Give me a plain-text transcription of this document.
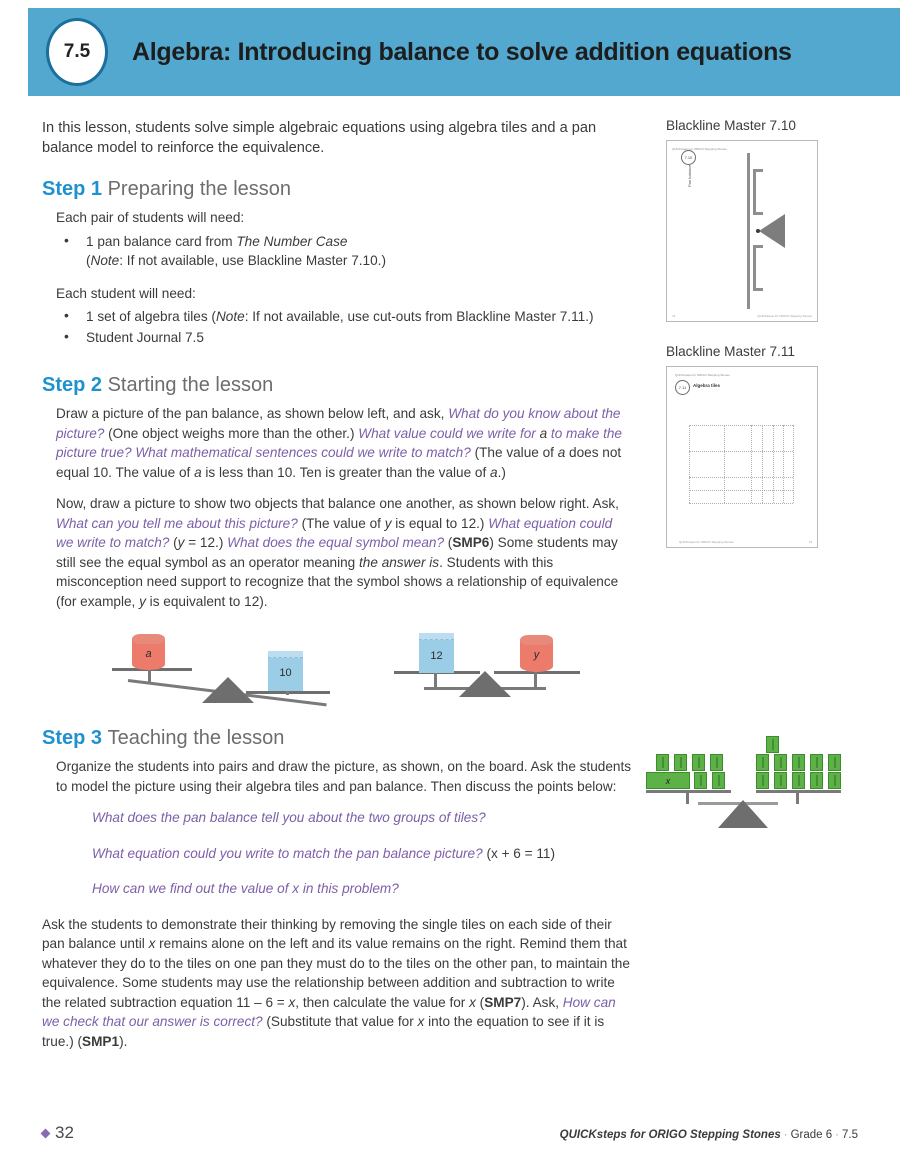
7.5 Algebra: Introducing balance to solve addition equations

In this lesson, students solve simple algebraic equations using algebra tiles and a pan balance model to reinforce the equivalence.

Step 1 Preparing the lesson

Each pair of students will need:

• 1 pan balance card from The Number Case
(Note: If not available, use Blackline Master 7.10.)

Each student will need:

• 1 set of algebra tiles (Note: If not available, use cut-outs from Blackline Master 7.11.)
• Student Journal 7.5
Step 2 Starting the lesson

Draw a picture of the pan balance, as shown below left, and ask, What do you know about the picture? (One object weighs more than the other.) What value could we write for a to make the picture true? What mathematical sentences could we write to match? (The value of a does not equal 10. The value of a is less than 10. Ten is greater than the value of a.)

Now, draw a picture to show two objects that balance one another, as shown below right. Ask, What can you tell me about this picture? (The value of y is equal to 12.) What equation could we write to match? (y = 12.) What does the equal symbol mean? (SMP6) Some students may still see the equal symbol as an operator meaning the answer is. Students with this misconception need support to recognize that the symbol shows a relationship of equivalence (for example, y is equivalent to 12).

a
10
12	y
Step 3 Teaching the lesson

Organize the students into pairs and draw the picture, as shown, on the board. Ask the students to model the picture using their algebra tiles and pan balance. Then discuss the points below:

What does the pan balance tell you about the two groups of tiles?

What equation could you write to match the pan balance picture? (x + 6 = 11)

How can we find out the value of x in this problem?

Ask the students to demonstrate their thinking by removing the single tiles on each side of their pan balance until x remains alone on the left and its value remains on the right. Remind them that whatever they do to the tiles on one pan they must do to the tiles on the other pan, to maintain the equivalence. Some students may use the relationship between addition and subtraction to write the related subtraction equation 11 – 6 = x, then calculate the value for x (SMP7). Ask, How can we check that our answer is correct? (Substitute that value for x into the equation to see if it is true.) (SMP1).

Blackline Master 7.10
QUICKsteps for ORIGO Stepping Stones
7.10
Pan balance
73	QUICKsteps for ORIGO Stepping Stones
Blackline Master 7.11
QUICKsteps for ORIGO Stepping Stones
7.11 Algebra tiles
QUICKsteps for ORIGO Stepping Stones	74
x
32	QUICKsteps for ORIGO Stepping Stones · Grade 6 · 7.5
